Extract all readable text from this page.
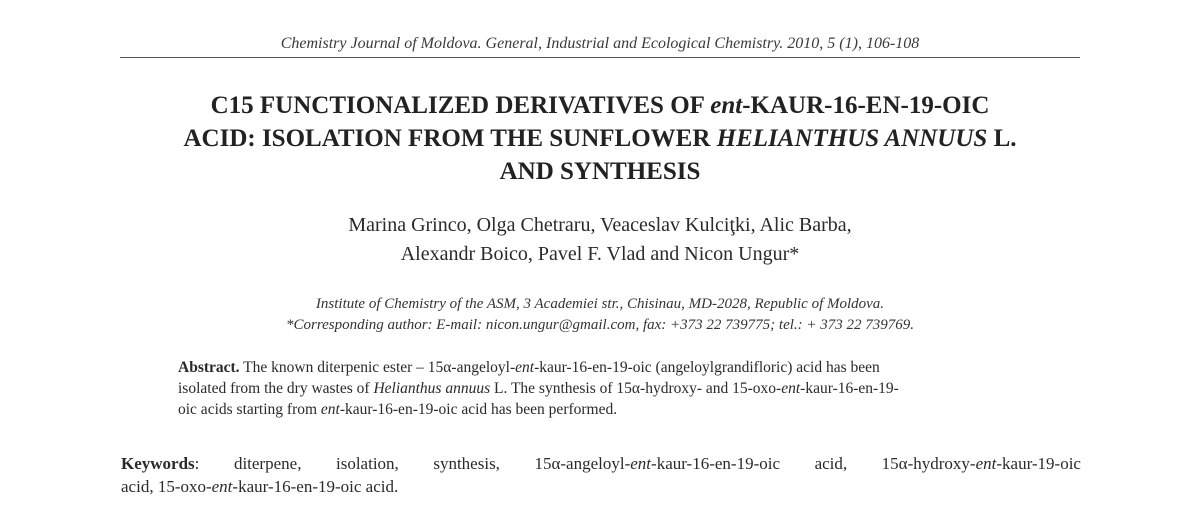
Chemistry Journal of Moldova. General, Industrial and Ecological Chemistry. 2010, 5 (1), 106-108
C15 FUNCTIONALIZED DERIVATIVES OF ent-KAUR-16-EN-19-OIC
ACID: ISOLATION FROM THE SUNFLOWER HELIANTHUS ANNUUS L.
AND SYNTHESIS
Marina Grinco, Olga Chetraru, Veaceslav Kulciţki, Alic Barba,
Alexandr Boico, Pavel F. Vlad and Nicon Ungur*
Institute of Chemistry of the ASM, 3 Academiei str., Chisinau, MD-2028, Republic of Moldova.
*Corresponding author: E-mail: nicon.ungur@gmail.com, fax: +373 22 739775; tel.: + 373 22 739769.
Abstract. The known diterpenic ester – 15α-angeloyl-ent-kaur-16-en-19-oic (angeloylgrandifloric) acid has been
isolated from the dry wastes of Helianthus annuus L. The synthesis of 15α-hydroxy- and 15-oxo-ent-kaur-16-en-19-
oic acids starting from ent-kaur-16-en-19-oic acid has been performed.
Keywords: diterpene, isolation, synthesis, 15α-angeloyl-ent-kaur-16-en-19-oic acid, 15α-hydroxy-ent-kaur-19-oic
acid, 15-oxo-ent-kaur-16-en-19-oic acid.
